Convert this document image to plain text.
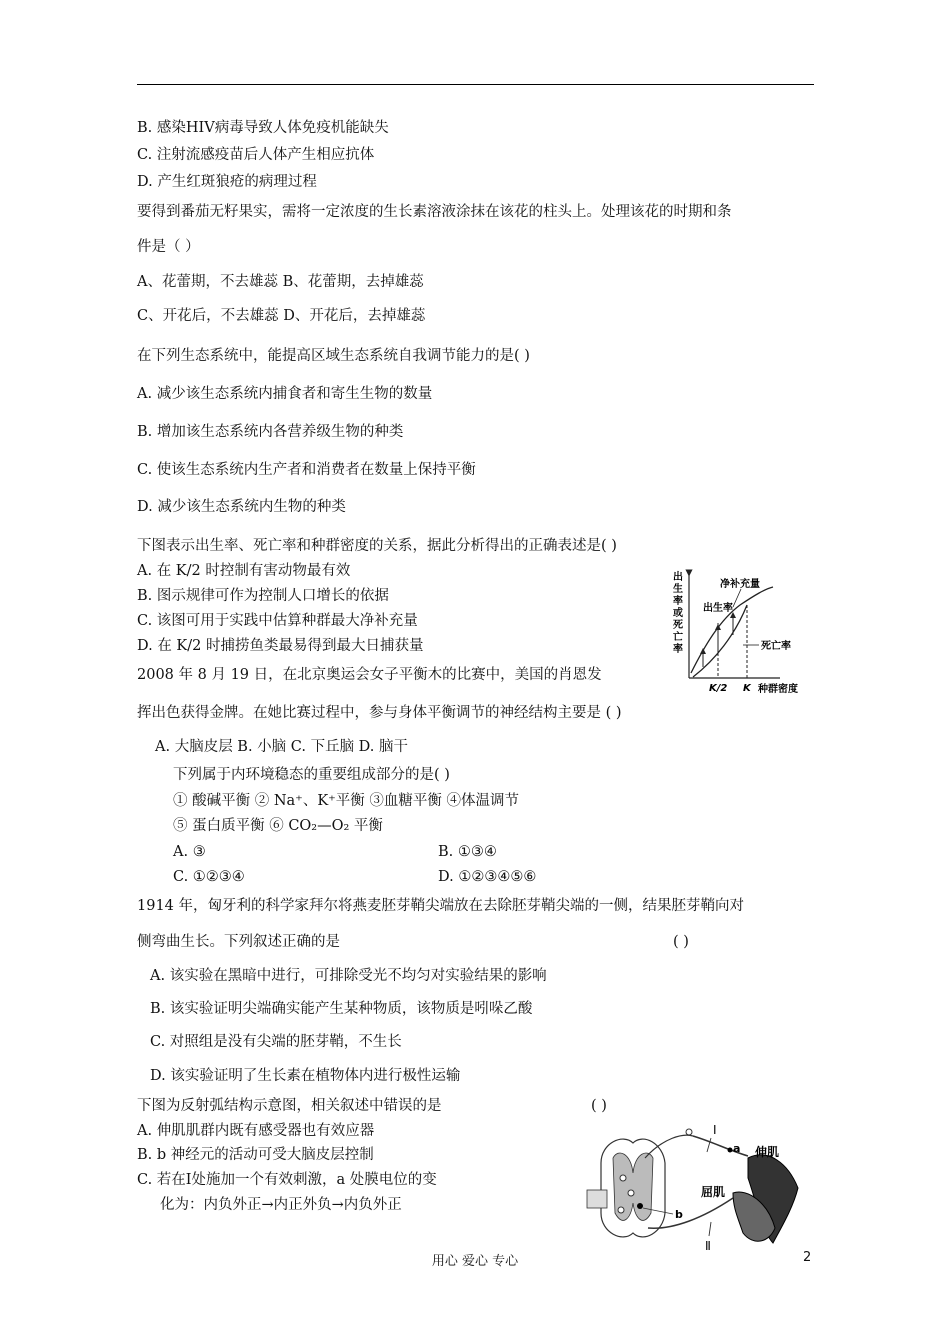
B. 感染HIV病毒导致人体免疫机能缺失
C. 注射流感疫苗后人体产生相应抗体
D. 产生红斑狼疮的病理过程
要得到番茄无籽果实，需将一定浓度的生长素溶液涂抹在该花的柱头上。处理该花的时期和条
件是（ ）
A、花蕾期，不去雄蕊 B、花蕾期，去掉雄蕊
C、开花后，不去雄蕊 D、开花后，去掉雄蕊
在下列生态系统中，能提高区域生态系统自我调节能力的是( )
A. 减少该生态系统内捕食者和寄生生物的数量
B. 增加该生态系统内各营养级生物的种类
C. 使该生态系统内生产者和消费者在数量上保持平衡
D. 减少该生态系统内生物的种类
下图表示出生率、死亡率和种群密度的关系，据此分析得出的正确表述是( )
A. 在 K/2 时控制有害动物最有效
B. 图示规律可作为控制人口增长的依据
C. 该图可用于实践中估算种群最大净补充量
D. 在 K/2 时捕捞鱼类最易得到最大日捕获量
2008 年 8 月 19 日，在北京奥运会女子平衡木的比赛中，美国的肖恩发
挥出色获得金牌。在她比赛过程中，参与身体平衡调节的神经结构主要是 ( )
A. 大脑皮层 B. 小脑 C. 下丘脑 D. 脑干
下列属于内环境稳态的重要组成部分的是( )
① 酸碱平衡 ② Na⁺、K⁺平衡 ③血糖平衡 ④体温调节
⑤ 蛋白质平衡 ⑥ CO₂—O₂ 平衡
A. ③	B. ①③④
C. ①②③④	D. ①②③④⑤⑥
1914 年，匈牙利的科学家拜尔将燕麦胚芽鞘尖端放在去除胚芽鞘尖端的一侧，结果胚芽鞘向对
侧弯曲生长。下列叙述正确的是	( )
A. 该实验在黑暗中进行，可排除受光不均匀对实验结果的影响
B. 该实验证明尖端确实能产生某种物质，该物质是吲哚乙酸
C. 对照组是没有尖端的胚芽鞘，不生长
D. 该实验证明了生长素在植物体内进行极性运输
下图为反射弧结构示意图，相关叙述中错误的是	( )
A. 伸肌肌群内既有感受器也有效应器
B. b 神经元的活动可受大脑皮层控制
C. 若在Ⅰ处施加一个有效刺激，a 处膜电位的变
化为：内负外正→内正外负→内负外正
出
生
率
或
死
亡
率
净补充量
出生率
死亡率
K/2 K 种群密度
Ⅰ
Ⅱ
a
b
伸肌
屈肌
用心 爱心 专心	2
